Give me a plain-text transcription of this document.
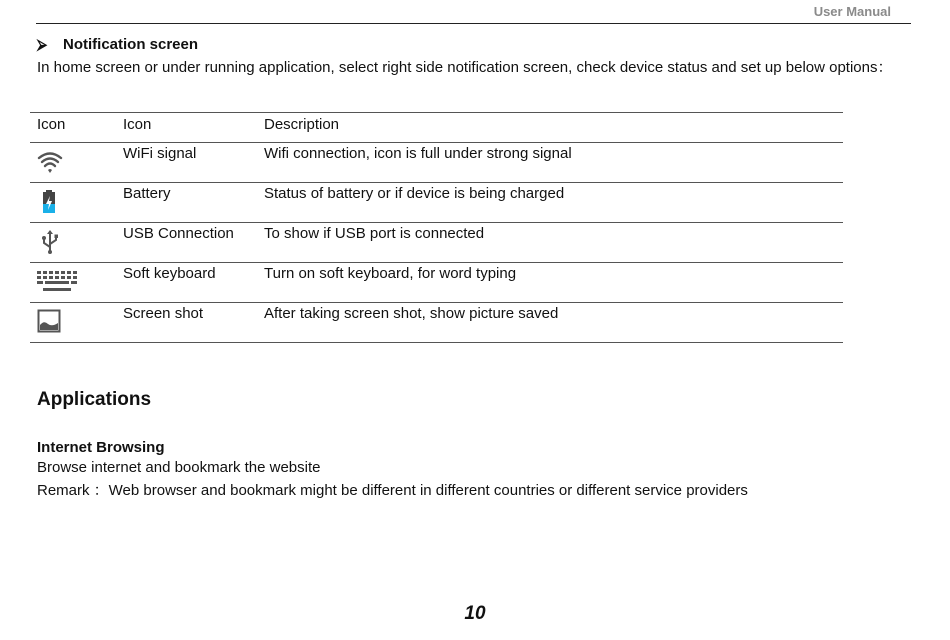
User Manual
⮚	Notification screen
In home screen or under running application, select right side notification screen, check device status and set up below options：
Icon	Icon	Description

	WiFi signal	Wifi connection, icon is full under strong signal

	Battery	Status of battery or if device is being charged

	USB Connection	To show if USB port is connected

	Soft keyboard	Turn on soft keyboard, for word typing

	Screen shot	After taking screen shot, show picture saved
Applications
Internet Browsing
Browse internet and bookmark the website
Remark ：Web browser and bookmark might be different in different countries or different service providers
10
